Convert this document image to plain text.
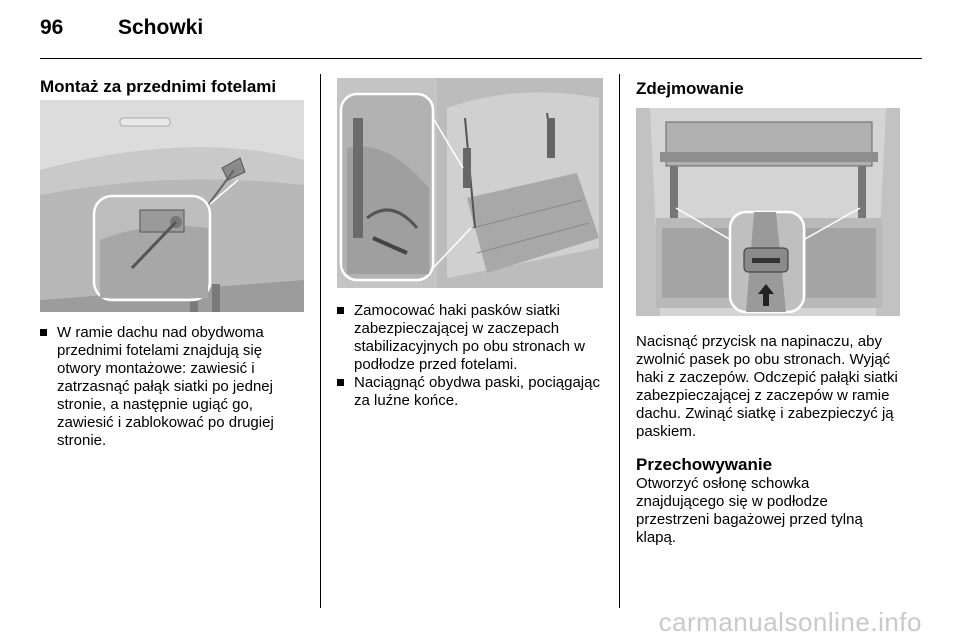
96	Schowki
Montaż za przednimi fotelami
W ramie dachu nad obydwoma przednimi fotelami znajdują się otwory montażowe: zawiesić i zatrzasnąć pałąk siatki po jednej stronie, a następnie ugiąć go, zawiesić i zablokować po drugiej stronie.
Zamocować haki pasków siatki zabezpieczającej w zaczepach stabilizacyjnych po obu stronach w podłodze przed fotelami.
Naciągnąć obydwa paski, pociągając za luźne końce.
Zdejmowanie
Nacisnąć przycisk na napinaczu, aby zwolnić pasek po obu stronach. Wyjąć haki z zaczepów. Odczepić pałąki siatki zabezpieczającej z zaczepów w ramie dachu. Zwinąć siatkę i zabezpieczyć ją paskiem.
Przechowywanie
Otworzyć osłonę schowka znajdującego się w podłodze przestrzeni bagażowej przed tylną klapą.
carmanualsonline.info
